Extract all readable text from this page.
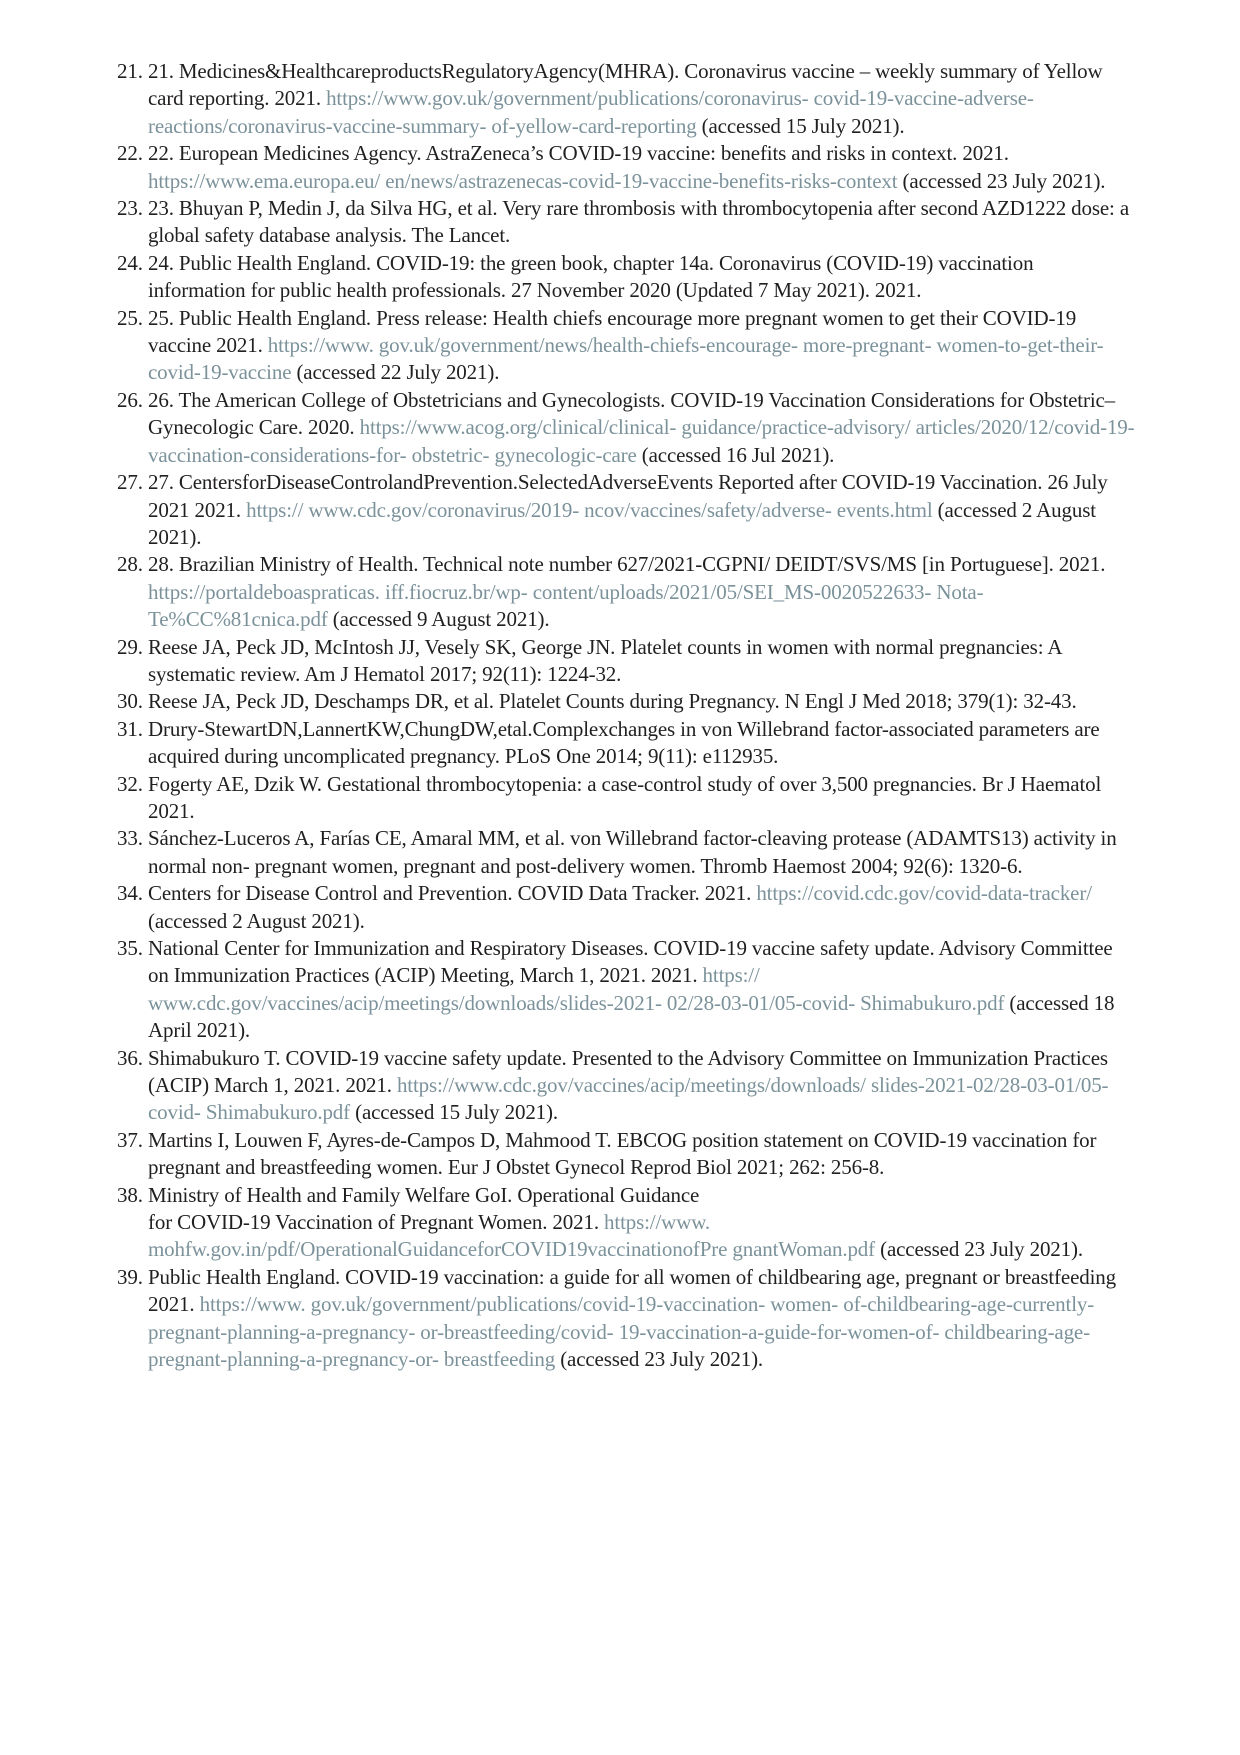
21. 21. Medicines&HealthcareproductsRegulatoryAgency(MHRA). Coronavirus vaccine – weekly summary of Yellow card reporting. 2021. https://www.gov.uk/government/publications/coronavirus- covid-19-vaccine-adverse-reactions/coronavirus-vaccine-summary- of-yellow-card-reporting (accessed 15 July 2021).
22. 22. European Medicines Agency. AstraZeneca’s COVID-19 vaccine: benefits and risks in context. 2021. https://www.ema.europa.eu/ en/news/astrazenecas-covid-19-vaccine-benefits-risks-context (accessed 23 July 2021).
23. 23. Bhuyan P, Medin J, da Silva HG, et al. Very rare thrombosis with thrombocytopenia after second AZD1222 dose: a global safety database analysis. The Lancet.
24. 24. Public Health England. COVID-19: the green book, chapter 14a. Coronavirus (COVID-19) vaccination information for public health professionals. 27 November 2020 (Updated 7 May 2021). 2021.
25. 25. Public Health England. Press release: Health chiefs encourage more pregnant women to get their COVID-19 vaccine 2021. https://www. gov.uk/government/news/health-chiefs-encourage- more-pregnant- women-to-get-their-covid-19-vaccine (accessed 22 July 2021).
26. 26. The American College of Obstetricians and Gynecologists. COVID-19 Vaccination Considerations for Obstetric–Gynecologic Care. 2020. https://www.acog.org/clinical/clinical- guidance/practice-advisory/ articles/2020/12/covid-19-vaccination-considerations-for- obstetric- gynecologic-care (accessed 16 Jul 2021).
27. 27. CentersforDiseaseControlandPrevention.SelectedAdverseEvents Reported after COVID-19 Vaccination. 26 July 2021 2021. https:// www.cdc.gov/coronavirus/2019- ncov/vaccines/safety/adverse- events.html (accessed 2 August 2021).
28. 28. Brazilian Ministry of Health. Technical note number 627/2021-CGPNI/ DEIDT/SVS/MS [in Portuguese]. 2021. https://portaldeboaspraticas. iff.fiocruz.br/wp- content/uploads/2021/05/SEI_MS-0020522633- Nota-Te%CC%81cnica.pdf (accessed 9 August 2021).
29. Reese JA, Peck JD, McIntosh JJ, Vesely SK, George JN. Platelet counts in women with normal pregnancies: A systematic review. Am J Hematol 2017; 92(11): 1224-32.
30. Reese JA, Peck JD, Deschamps DR, et al. Platelet Counts during Pregnancy. N Engl J Med 2018; 379(1): 32-43.
31. Drury-StewartDN,LannertKW,ChungDW,etal.Complexchanges in von Willebrand factor-associated parameters are acquired during uncomplicated pregnancy. PLoS One 2014; 9(11): e112935.
32. Fogerty AE, Dzik W. Gestational thrombocytopenia: a case-control study of over 3,500 pregnancies. Br J Haematol 2021.
33. Sánchez-Luceros A, Farías CE, Amaral MM, et al. von Willebrand factor-cleaving protease (ADAMTS13) activity in normal non- pregnant women, pregnant and post-delivery women. Thromb Haemost 2004; 92(6): 1320-6.
34. Centers for Disease Control and Prevention. COVID Data Tracker. 2021. https://covid.cdc.gov/covid-data-tracker/ (accessed 2 August 2021).
35. National Center for Immunization and Respiratory Diseases. COVID-19 vaccine safety update. Advisory Committee on Immunization Practices (ACIP) Meeting, March 1, 2021. 2021. https:// www.cdc.gov/vaccines/acip/meetings/downloads/slides-2021- 02/28-03-01/05-covid- Shimabukuro.pdf (accessed 18 April 2021).
36. Shimabukuro T. COVID-19 vaccine safety update. Presented to the Advisory Committee on Immunization Practices (ACIP) March 1, 2021. 2021. https://www.cdc.gov/vaccines/acip/meetings/downloads/ slides-2021-02/28-03-01/05-covid- Shimabukuro.pdf (accessed 15 July 2021).
37. Martins I, Louwen F, Ayres-de-Campos D, Mahmood T. EBCOG position statement on COVID-19 vaccination for pregnant and breastfeeding women. Eur J Obstet Gynecol Reprod Biol 2021; 262: 256-8.
38. Ministry of Health and Family Welfare GoI. Operational Guidance
for COVID-19 Vaccination of Pregnant Women. 2021. https://www. mohfw.gov.in/pdf/OperationalGuidanceforCOVID19vaccinationofPre gnantWoman.pdf (accessed 23 July 2021).
39. Public Health England. COVID-19 vaccination: a guide for all women of childbearing age, pregnant or breastfeeding 2021. https://www. gov.uk/government/publications/covid-19-vaccination- women- of-childbearing-age-currently-pregnant-planning-a-pregnancy- or-breastfeeding/covid- 19-vaccination-a-guide-for-women-of- childbearing-age-pregnant-planning-a-pregnancy-or- breastfeeding (accessed 23 July 2021).
